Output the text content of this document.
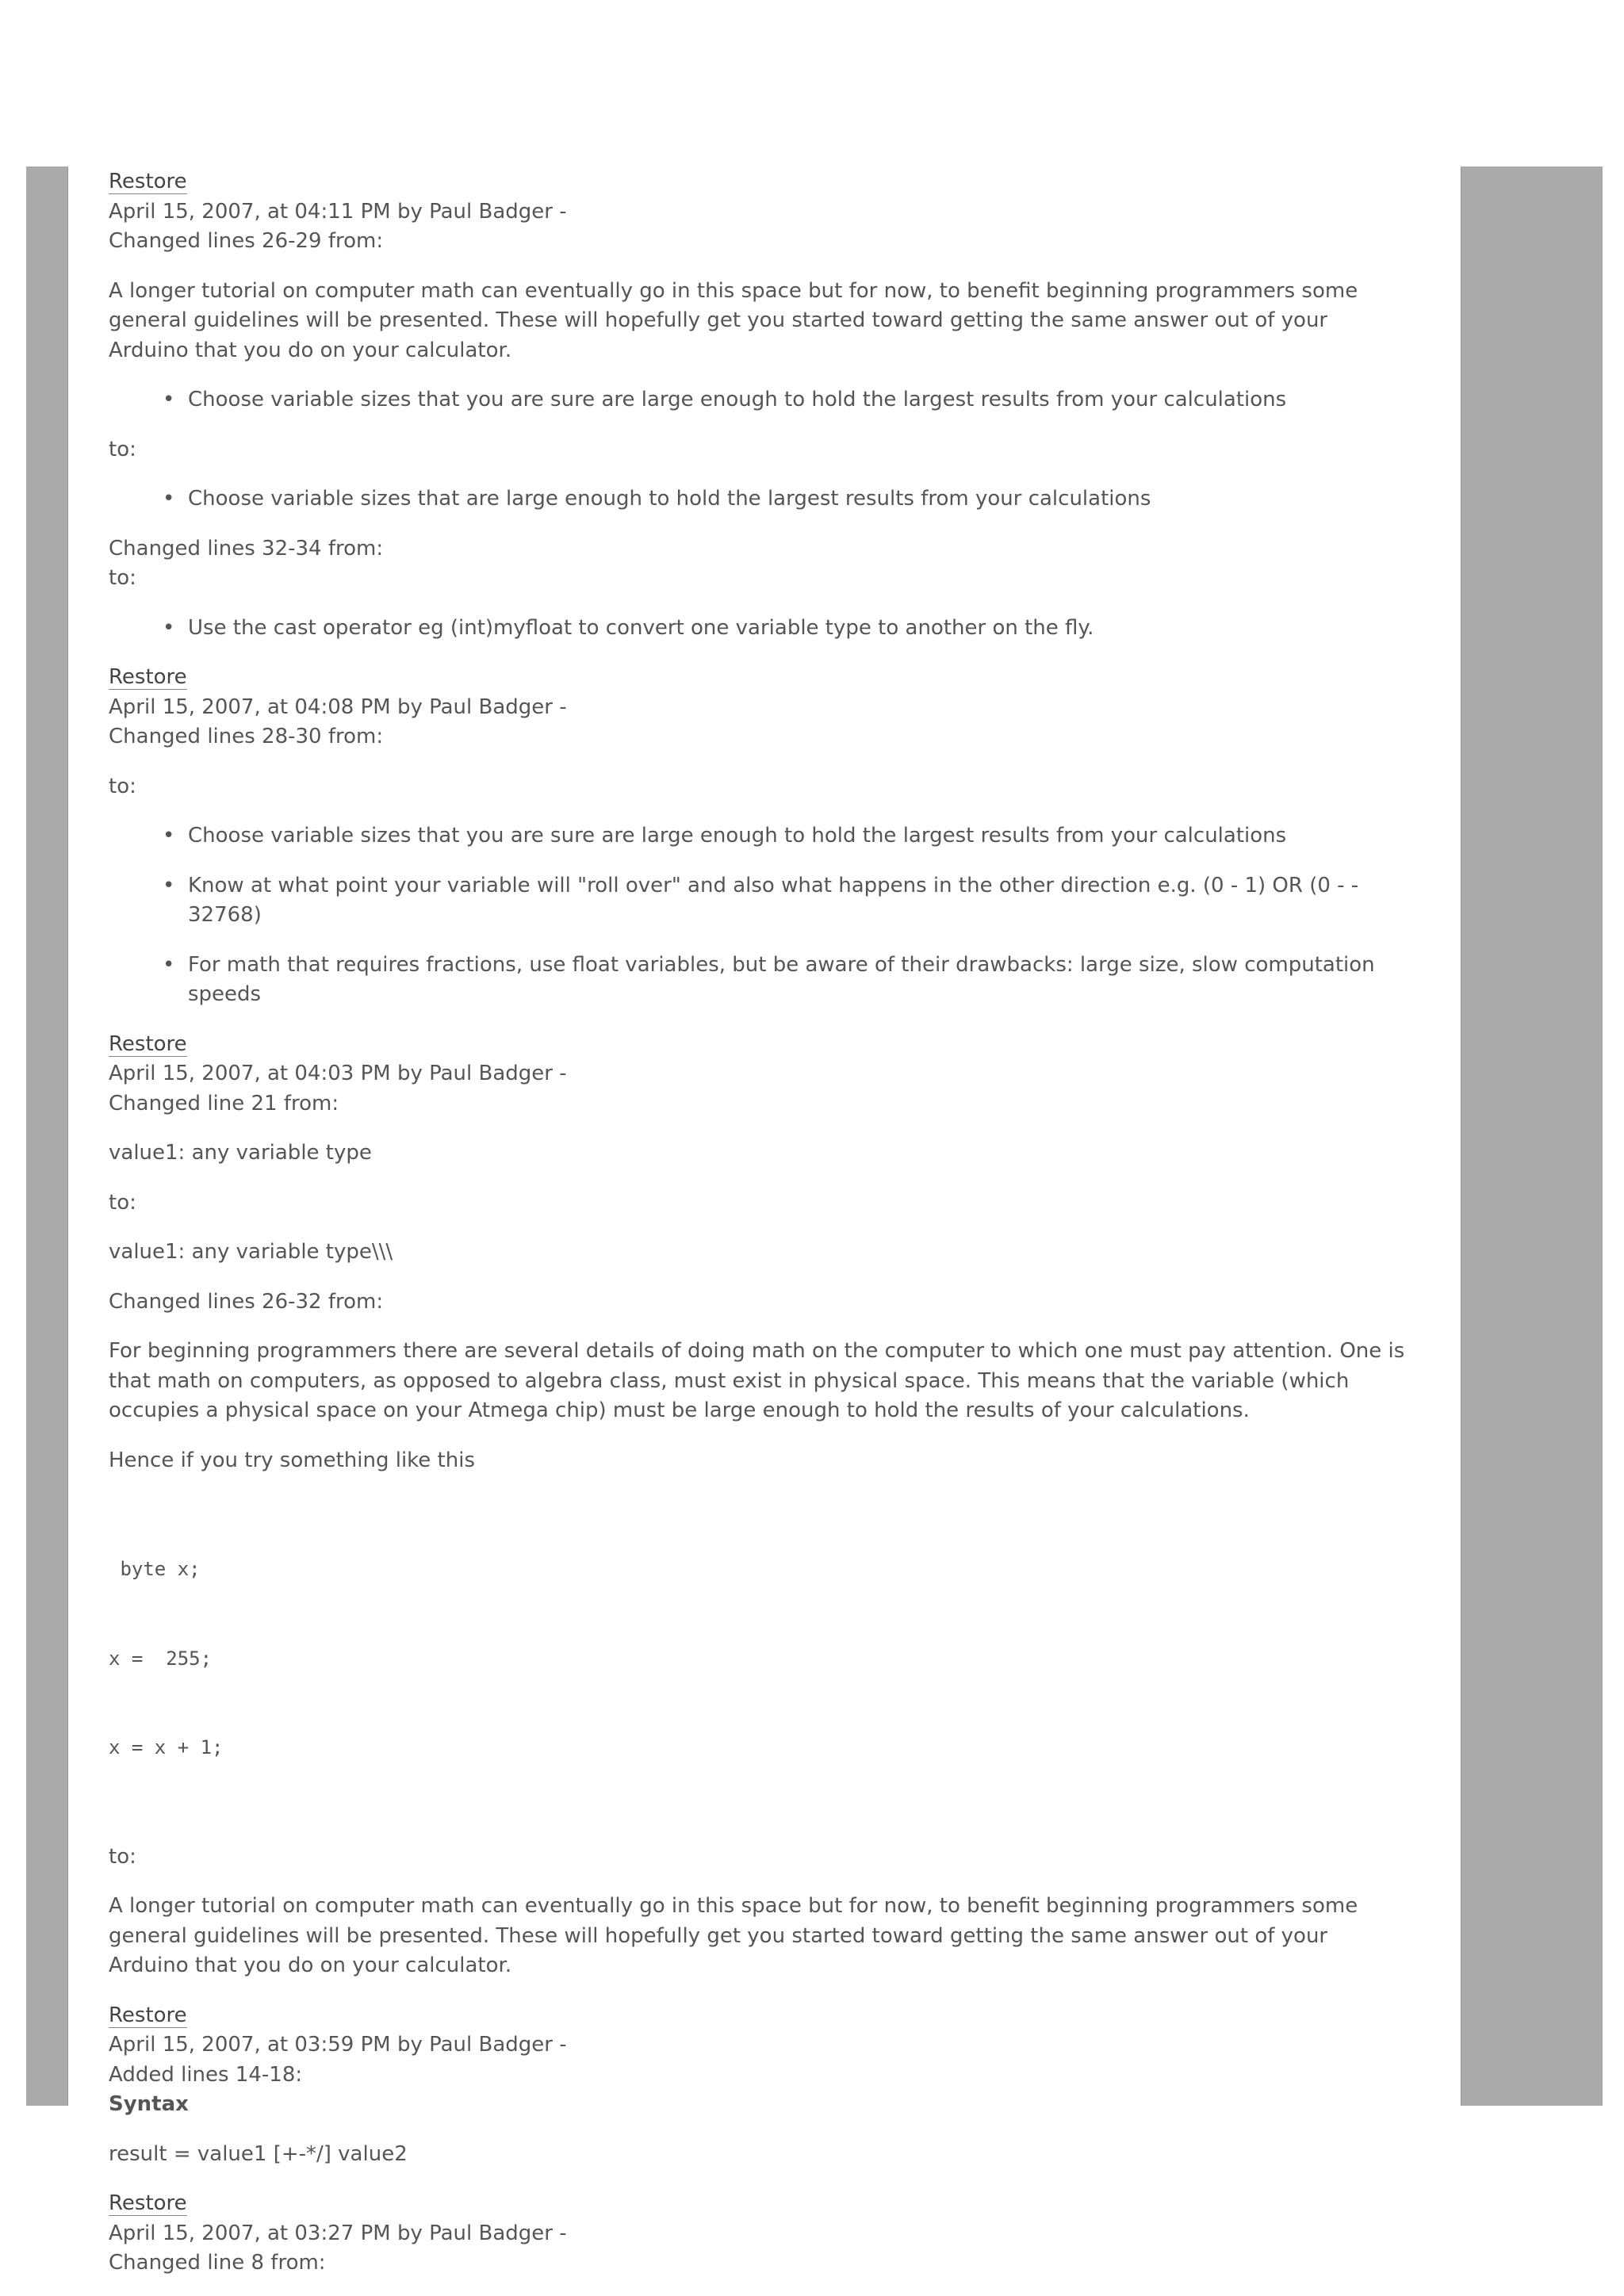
Restore

April 15, 2007, at 04:11 PM by Paul Badger -

Changed lines 26-29 from:

A longer tutorial on computer math can eventually go in this space but for now, to benefit beginning programmers some general guidelines will be presented. These will hopefully get you started toward getting the same answer out of your Arduino that you do on your calculator.

• Choose variable sizes that you are sure are large enough to hold the largest results from your calculations

to:

• Choose variable sizes that are large enough to hold the largest results from your calculations

Changed lines 32-34 from:

to:

• Use the cast operator eg (int)myfloat to convert one variable type to another on the fly.

Restore

April 15, 2007, at 04:08 PM by Paul Badger -

Changed lines 28-30 from:

to:

• Choose variable sizes that you are sure are large enough to hold the largest results from your calculations
• Know at what point your variable will "roll over" and also what happens in the other direction e.g. (0 - 1) OR (0 - - 32768)
• For math that requires fractions, use float variables, but be aware of their drawbacks: large size, slow computation speeds

Restore

April 15, 2007, at 04:03 PM by Paul Badger -

Changed line 21 from:

value1: any variable type

to:

value1: any variable type\\\

Changed lines 26-32 from:

For beginning programmers there are several details of doing math on the computer to which one must pay attention. One is that math on computers, as opposed to algebra class, must exist in physical space. This means that the variable (which occupies a physical space on your Atmega chip) must be large enough to hold the results of your calculations.

Hence if you try something like this

byte x;

x =  255;

x = x + 1;

to:

A longer tutorial on computer math can eventually go in this space but for now, to benefit beginning programmers some general guidelines will be presented. These will hopefully get you started toward getting the same answer out of your Arduino that you do on your calculator.

Restore

April 15, 2007, at 03:59 PM by Paul Badger -

Added lines 14-18:

Syntax

result = value1 [+-*/] value2

Restore

April 15, 2007, at 03:27 PM by Paul Badger -

Changed line 8 from:
